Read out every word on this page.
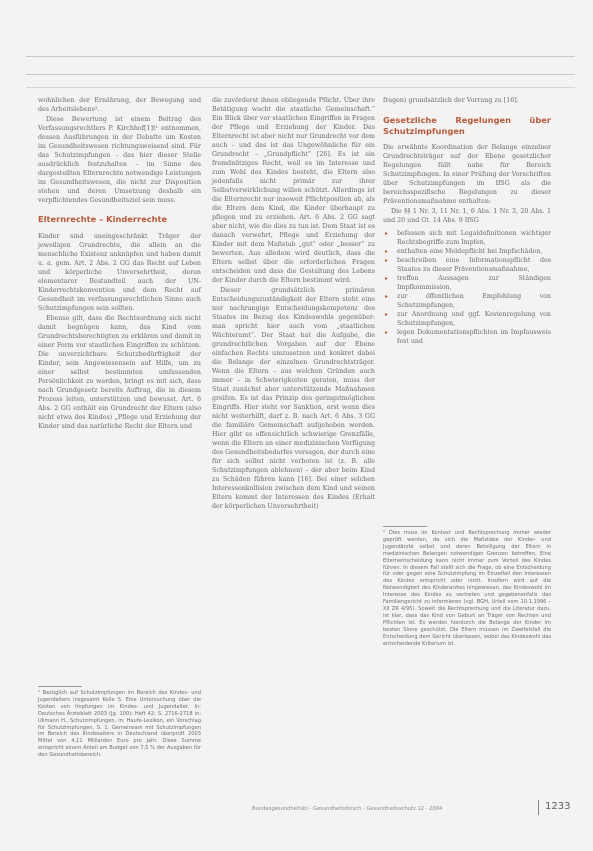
wohnlichen der Ernährung, der Bewegung und des Arbeitslebens².

Diese Bewertung ist einem Beitrag des Verfassungsrechtlers P. Kirchhof[1]t¹ entnommen, dessen Ausführungen in der Debatte um Kosten im Gesundheitswesen richtungsweisend sind. Für das Schutzimpfungen - das hier dieser Stelle ausdrücklich festzuhalten - im Sinne des dargestellten Elternrechte notwendige Leistungen im Gesundheitswesen, die nicht zur Disposition stehen und deren Umsetzung deshalb ein verpflichtendes Gesundheitsziel sein muss.

Elternrechte – Kinderrechte

Kinder sind uneingeschränkt Träger der jeweiligen Grundrechte, die allein an die menschliche Existenz anknüpfen und haben damit u. a. gem. Art. 2 Abs. 2 GG das Recht auf Leben und körperliche Unversehrtheit, deren elementarer Bestandteil auch der UN-Kinderrechtskonvention und dem Recht auf Gesundheit im verfassungsrechtlichen Sinne auch Schutzimpfungen sein sollten.

Ebenso gilt, dass die Rechtsordnung sich nicht damit begnügen kann, das Kind vom Grundrechtsberechtigten zu erklären und damit in einer Form vor staatlichen Eingriffen zu schützen. Die unverzichtbare Schutzbedürftigkeit der Kinder, sein Angewiesensein auf Hilfe, um zu einer selbst bestimmten umfassenden Persönlichkeit zu werden, bringt es mit sich, dass nach Grundgesetz bereits Auftrag, die in diesem Prozess leiten, unterstützen und bewusst. Art. 6 Abs. 2 GG enthält ein Grundrecht der Eltern (also nicht etwa des Kindes) „Pflege und Erziehung der Kinder sind das natürliche Recht der Eltern und

die zuvörderst ihnen obliegende Pflicht. Über ihre Betätigung wacht die staatliche Gemeinschaft.“ Ein Blick über vor staatlichen Eingriffen in Fragen der Pflege und Erziehung der Kinder. Das Elternrecht ist aber nicht nur Grundrecht vor dem auch – und das ist das Ungewöhnliche für ein Grundrecht – „Grundpflicht“ [26]. Es ist ein fremdnütziges Recht, weil es im Interesse und zum Wohl des Kindes besteht, die Eltern also jedenfalls nicht primär zur ihrer Selbstverwirklichung willen schützt. Allerdings ist die Elternrecht nur insoweit Pflichtposition ab, als die Eltern dem Kind, die Kinder überhaupt zu pflegen und zu erziehen. Art. 6 Abs. 2 GG sagt aber nicht, wie die dies zu tun ist. Dem Staat ist es danach verwehrt, Pflege und Erziehung der Kinder mit dem Maßstab „gut“ oder „besser“ zu bewerten. Aus alledem wird deutlich, dass die Eltern selbst über die erforderlichen Fragen entscheiden und dass die Gestaltung des Lebens der Kinder durch die Eltern bestimmt wird.

Dieser grundsätzlich primären Entscheidungszuständigkeit der Eltern steht eine nur nachrangige Entscheidungskompetenz des Staates im Bezug des Kindeswohls gegenüber: man spricht hier auch vom „staatlichen Wächteramt“. Der Staat hat die Aufgabe, die grundrechtlichen Vorgaben auf der Ebene einfachen Rechts umzusetzen und konkret dabei die Belange der einzelnen Grundrechtsträger. Wenn die Eltern – aus welchen Gründen auch immer – in Schwierigkeiten geraten, muss der Staat zunächst aber unterstützende Maßnahmen greifen. Es ist das Prinzip des geringstmöglichen Eingriffs. Hier steht vor Sanktion, erst wenn dies nicht weiterhilft, darf z. B. nach Art. 6 Abs. 3 GG die familiäre Gemeinschaft aufgehoben werden. Hier gibt es offensichtlich schwierige Grenzfälle, wenn die Eltern an einer medizinischen Verfügung des Gesundheitsbedarfes versagen, der durch eine für sich selbst nicht verboten ist (z. B. alle Schutzimpfungen ablehnen) – der aber beim Kind zu Schäden führen kann [16]. Bei einer solchen Interessenkollision zwischen dem Kind und seinen Eltern kommt der Interessen des Kindes (Erhalt der körperlichen Unversehrtheit)

fragen) grundsätzlich der Vorrang zu [16].

Gesetzliche Regelungen über Schutzimpfungen

Die erwähnte Koordination der Belange einzelner Grundrechtsträger auf der Ebene gesetzlicher Regelungen fällt nahe für Bereich Schutzimpfungen. In einer Prüfung der Vorschriften über Schutzimpfungen im IfSG als die bereichsspezifische Regelungen zu dieser Präventionsmaßnahme enthalten:

Die §§ 1 Nr. 3, 11 Nr. 1, 6 Abs. 1 Nr. 3, 20 Abs. 1 und 20 und Gt. 14 Abs. 9 IfSG

▸ befassen sich mit Legaldefinitionen wichtiger Rechtsbegriffe zum Impfen,
▸ enthalten eine Meldepflicht bei Impfschäden,
▸ beschreiben eine Informationspflicht des Staates zu dieser Präventionsmaßnahme,
▸ treffen Aussagen zur Ständigen Impfkommission,
▸ zur öffentlichen Empfehlung von Schutzimpfungen,
▸ zur Anordnung und ggf. Kostenregelung von Schutzimpfungen,
▸ legen Dokumentationspflichten im Impfausweis fest und
¹ Bezüglich auf Schutzimpfungen im Bereich des Kindes- und Jugendalters insgesamt Kolle S. Eine Untersuchung über die Kosten von Impfungen im Kindes- und Jugendalter. In: Deutsches Ärzteblatt 2003 (Jg. 100); Heft 42: S. 2716-2718 in: Ullmann H., Schutzimpfungen, in: Haufe-Lexikon, ein Vorschlag für Schutzimpfungen, S. 1. Gemeinsam mit Schutzimpfungen im Bereich des Kindesalters in Deutschland überprüft 2003 Mittel von 4,11 Milliarden Euro pro Jahr. Diese Summe entspricht einem Anteil am Budget von 7,5 % der Ausgaben für den Gesundheitsbereich.
² Dies muss im Kontext und Rechtsprechung immer wieder geprüft werden, da sich die Maßstäbe der Kinder- und Jugendärzte selbst und deren Beteiligung der Eltern in medizinischen Belangen notwendigen Grenzen betreffen. Eine Elternentscheidung kann nicht immer zum Vorteil des Kindes führen. In diesem Fall stellt sich die Frage, ob eine Entscheidung für oder gegen eine Schutzimpfung im Einzelfall den Interessen des Kindes entspricht oder nicht. Insofern wird auf die Notwendigkeit des Kinderarztes hingewiesen, das Kindeswohl im Interesse des Kindes zu vertreten und gegebenenfalls das Familiengericht zu informieren (vgl. BGH, Urteil vom 10.1.1996 – XII ZR 4/95). Soweit die Rechtsprechung und die Literatur dazu, ist klar, dass das Kind von Geburt an Träger von Rechten und Pflichten ist. Es werden hierdurch die Belange der Kinder im besten Sinne geschützt. Die Eltern müssen im Zweifelsfall die Entscheidung dem Gericht überlassen, wobei das Kindeswohl das entscheidende Kriterium ist.
Bundesgesundheitsbl - Gesundheitsforsch - Gesundheitsschutz 12 · 2004	1233
